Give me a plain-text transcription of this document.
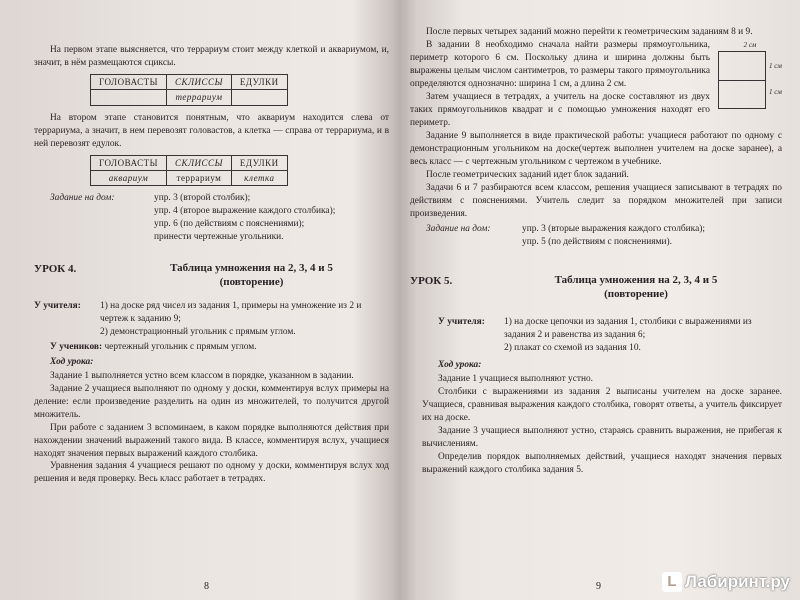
На первом этапе выясняется, что террариум стоит между клеткой и аквариумом, и, значит, в нём размещаются сциксы.

ГОЛОВАСТЫ	СКЛИССЫ	ЕДУЛКИ
	террариум	

На втором этапе становится понятным, что аквариум находится слева от террариума, а значит, в нем перевозят головастов, а клетка — справа от террариума, и в ней перевозят едулок.

ГОЛОВАСТЫ	СКЛИССЫ	ЕДУЛКИ
аквариум	террариум	клетка
Задание на дом:	упр. 3 (второй столбик);
упр. 4 (второе выражение каждого столбика);
упр. 6 (по действиям с пояснениями);
принести чертежные угольники.
УРОК 4.	Таблица умножения на 2, 3, 4 и 5
(повторение)
У учителя:	1) на доске ряд чисел из задания 1, примеры на умножение из 2 и чертеж к заданию 9;
2) демонстрационный угольник с прямым углом.
У учеников: чертежный угольник с прямым углом.
Ход урока:

Задание 1 выполняется устно всем классом в порядке, указанном в задании.

Задание 2 учащиеся выполняют по одному у доски, комментируя вслух примеры на деление: если произведение разделить на один из множителей, то получится другой множитель.

При работе с заданием 3 вспоминаем, в каком порядке выполняются действия при нахождении значений выражений такого вида. В классе, комментируя вслух, учащиеся находят значения первых выражений каждого столбика.

Уравнения задания 4 учащиеся решают по одному у доски, комментируя вслух ход решения и ведя проверку. Весь класс работает в тетрадях.

8

После первых четырех заданий можно перейти к геометрическим заданиям 8 и 9.

2 см
1 см
1 см

В задании 8 необходимо сначала найти размеры прямоугольника, периметр которого 6 см. Поскольку длина и ширина должны быть выражены целым числом сантиметров, то размеры такого прямоугольника определяются однозначно: ширина 1 см, а длина 2 см.

Затем учащиеся в тетрадях, а учитель на доске составляют из двух таких прямоугольников квадрат и с помощью умножения находят его периметр.

Задание 9 выполняется в виде практической работы: учащиеся работают по одному с демонстрационным угольником на доске(чертеж выполнен учителем на доске заранее), а весь класс — с чертежным угольником с чертежом в учебнике.

После геометрических заданий идет блок заданий.

Задачи 6 и 7 разбираются всем классом, решения учащиеся записывают в тетрадях по действиям с пояснениями. Учитель следит за порядком множителей при записи произведения.

Задание на дом:	упр. 3 (вторые выражения каждого столбика);
упр. 5 (по действиям с пояснениями).
УРОК 5.	Таблица умножения на 2, 3, 4 и 5
(повторение)
У учителя:	1) на доске цепочки из задания 1, столбики с выражениями из задания 2 и равенства из задания 6;
2) плакат со схемой из задания 10.
Ход урока:

Задание 1 учащиеся выполняют устно.

Столбики с выражениями из задания 2 выписаны учителем на доске заранее. Учащиеся, сравнивая выражения каждого столбика, говорят ответы, а учитель фиксирует их на доске.

Задание 3 учащиеся выполняют устно, стараясь сравнить выражения, не прибегая к вычислениям.

Определив порядок выполняемых действий, учащиеся находят значения первых выражений каждого столбика задания 5.

9	L Лабиринт.ру
